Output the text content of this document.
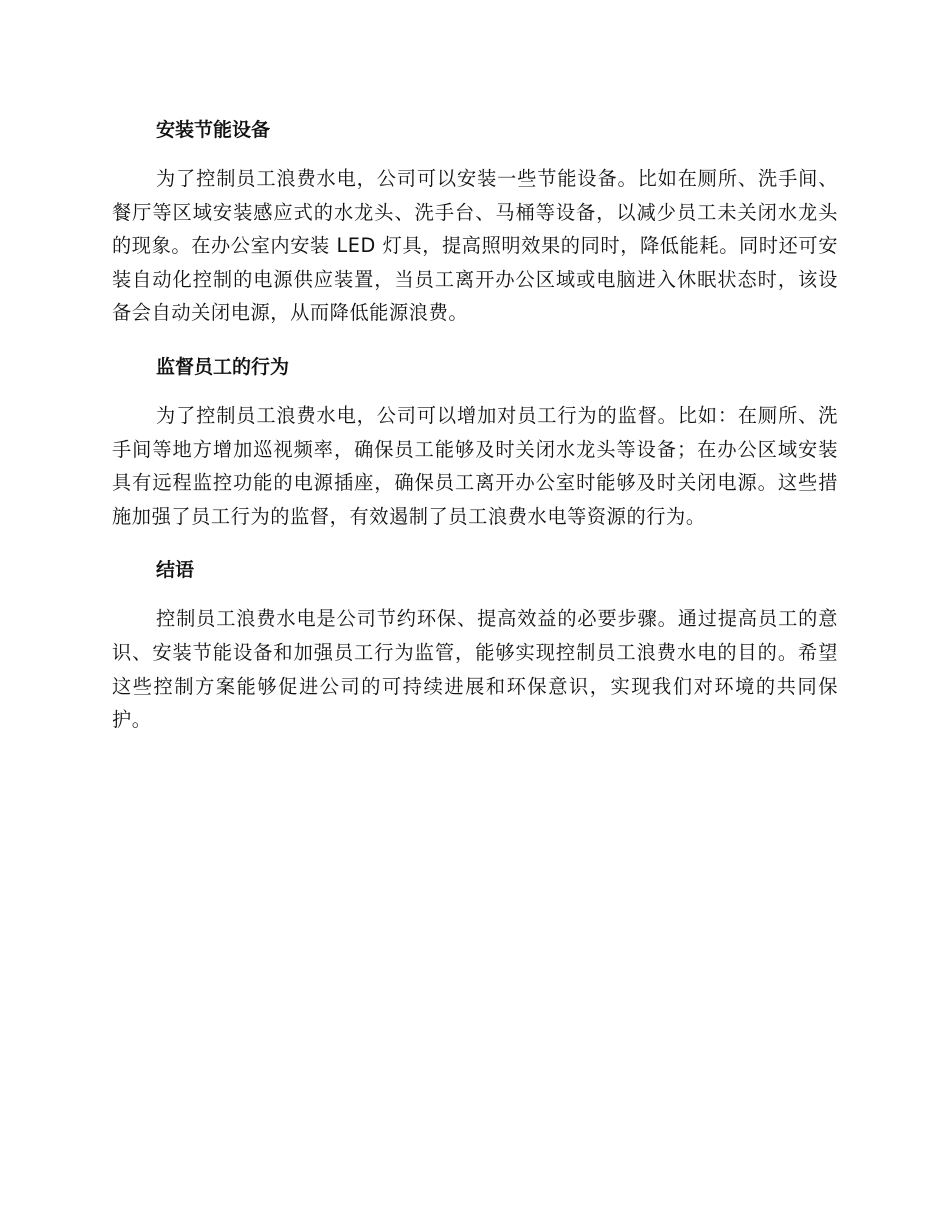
安装节能设备

为了控制员工浪费水电，公司可以安装一些节能设备。比如在厕所、洗手间、餐厅等区域安装感应式的水龙头、洗手台、马桶等设备，以减少员工未关闭水龙头的现象。在办公室内安装 LED 灯具，提高照明效果的同时，降低能耗。同时还可安装自动化控制的电源供应装置，当员工离开办公区域或电脑进入休眠状态时，该设备会自动关闭电源，从而降低能源浪费。

监督员工的行为

为了控制员工浪费水电，公司可以增加对员工行为的监督。比如：在厕所、洗手间等地方增加巡视频率，确保员工能够及时关闭水龙头等设备；在办公区域安装具有远程监控功能的电源插座，确保员工离开办公室时能够及时关闭电源。这些措施加强了员工行为的监督，有效遏制了员工浪费水电等资源的行为。

结语

控制员工浪费水电是公司节约环保、提高效益的必要步骤。通过提高员工的意识、安装节能设备和加强员工行为监管，能够实现控制员工浪费水电的目的。希望这些控制方案能够促进公司的可持续进展和环保意识，实现我们对环境的共同保护。
